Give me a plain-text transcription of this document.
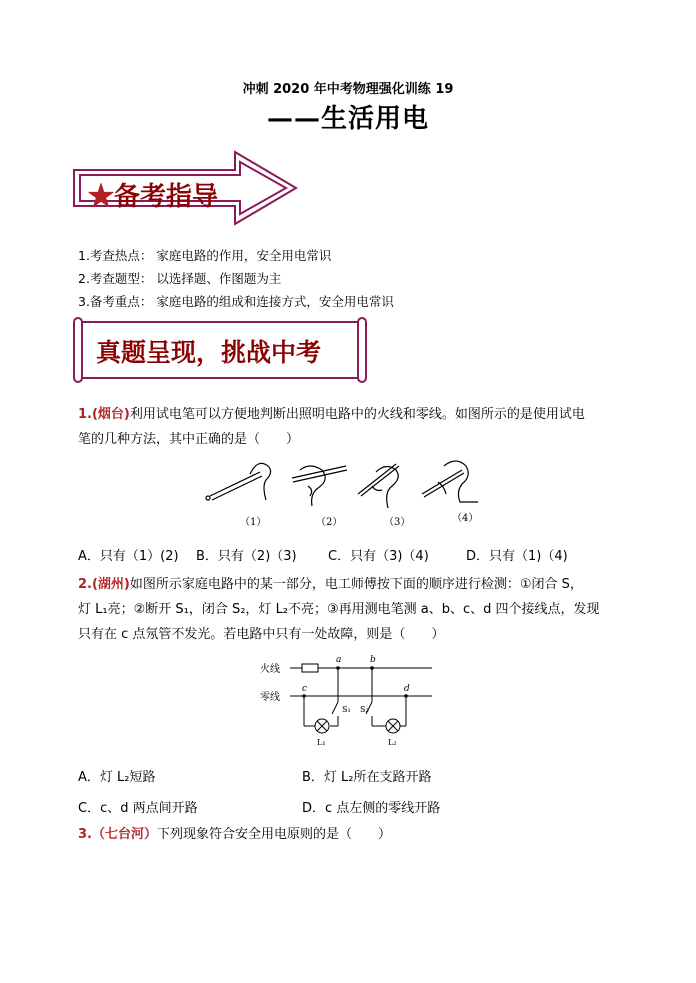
冲刺 2020 年中考物理强化训练 19
——生活用电
★备考指导
1.考查热点： 家庭电路的作用，安全用电常识
2.考查题型： 以选择题、作图题为主
3.备考重点： 家庭电路的组成和连接方式，安全用电常识
真题呈现，挑战中考
1.(烟台)利用试电笔可以方便地判断出照明电路中的火线和零线。如图所示的是使用试电
笔的几种方法，其中正确的是（　　）
（1）	（2）	（3）	（4）
A．只有（1）(2) B．只有（2)（3) C．只有（3)（4)	D．只有（1)（4)
2.(湖州)如图所示家庭电路中的某一部分，电工师傅按下面的顺序进行检测：①闭合 S，
灯 L₁亮；②断开 S₁，闭合 S₂，灯 L₂不亮；③再用测电笔测 a、b、c、d 四个接线点，发现
只有在 c 点氖管不发光。若电路中只有一处故障，则是（　　）
火线
零线
a	b
c	d
S₁ S₂
L₁	L₂
A．灯 L₂短路	B．灯 L₂所在支路开路
C．c、d 两点间开路	D．c 点左侧的零线开路
3.（七台河）下列现象符合安全用电原则的是（　　）
